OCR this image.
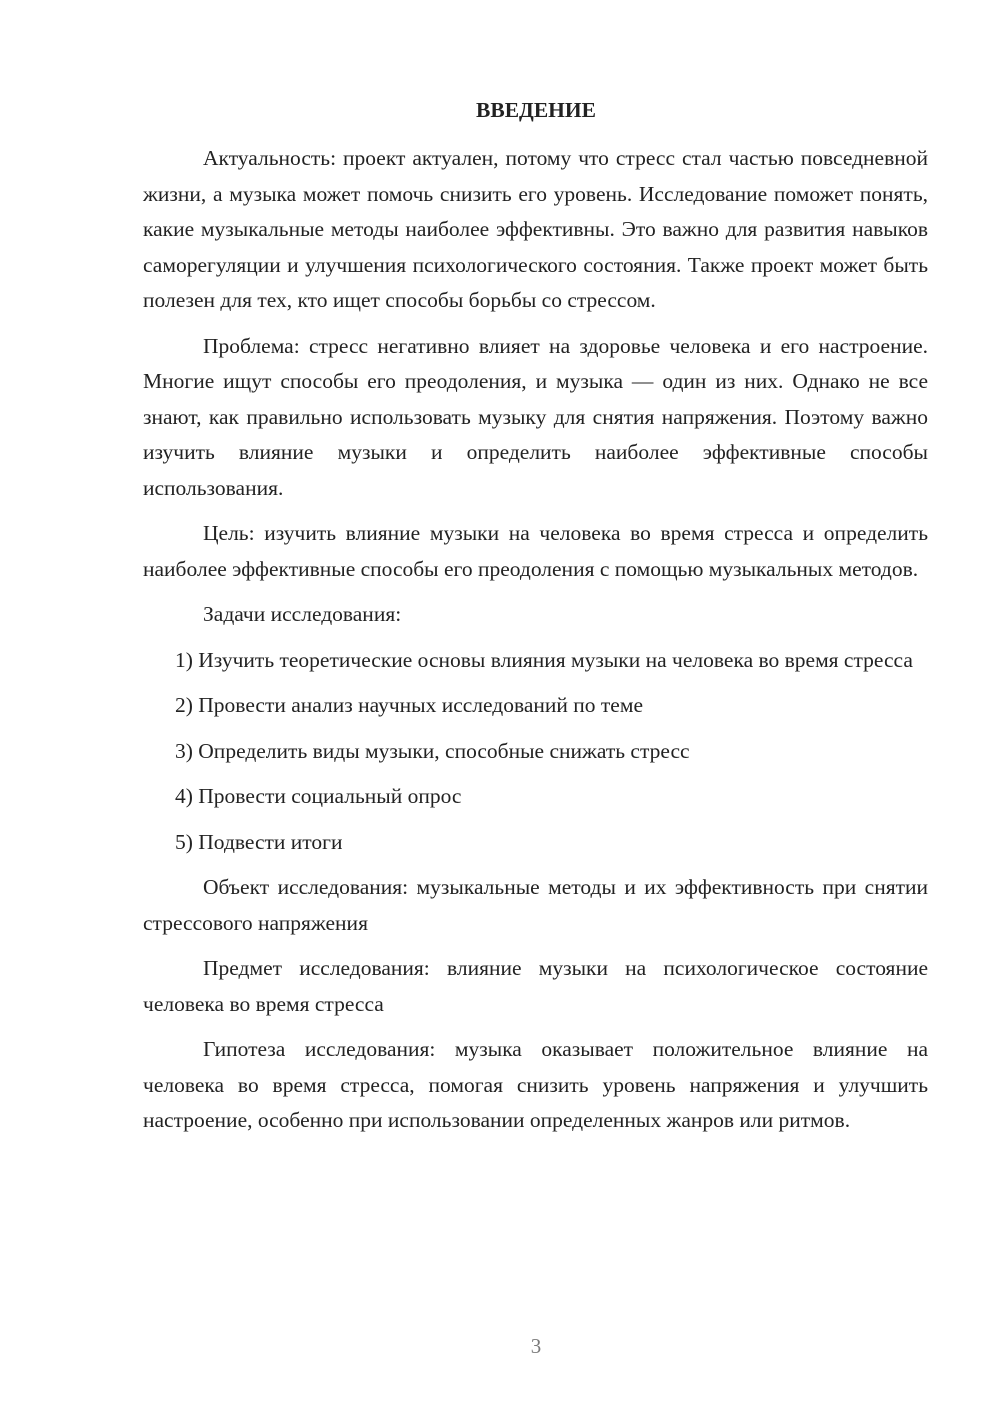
ВВЕДЕНИЕ

Актуальность: проект актуален, потому что стресс стал частью повседневной жизни, а музыка может помочь снизить его уровень. Исследование поможет понять, какие музыкальные методы наиболее эффективны. Это важно для развития навыков саморегуляции и улучшения психологического состояния. Также проект может быть полезен для тех, кто ищет способы борьбы со стрессом.

Проблема: стресс негативно влияет на здоровье человека и его настроение. Многие ищут способы его преодоления, и музыка — один из них. Однако не все знают, как правильно использовать музыку для снятия напряжения. Поэтому важно изучить влияние музыки и определить наиболее эффективные способы использования.

Цель: изучить влияние музыки на человека во время стресса и определить наиболее эффективные способы его преодоления с помощью музыкальных методов.

Задачи исследования:

1) Изучить теоретические основы влияния музыки на человека во время стресса
2) Провести анализ научных исследований по теме
3) Определить виды музыки, способные снижать стресс
4) Провести социальный опрос
5) Подвести итоги

Объект исследования: музыкальные методы и их эффективность при снятии стрессового напряжения

Предмет исследования: влияние музыки на психологическое состояние человека во время стресса

Гипотеза исследования: музыка оказывает положительное влияние на человека во время стресса, помогая снизить уровень напряжения и улучшить настроение, особенно при использовании определенных жанров или ритмов.

3
